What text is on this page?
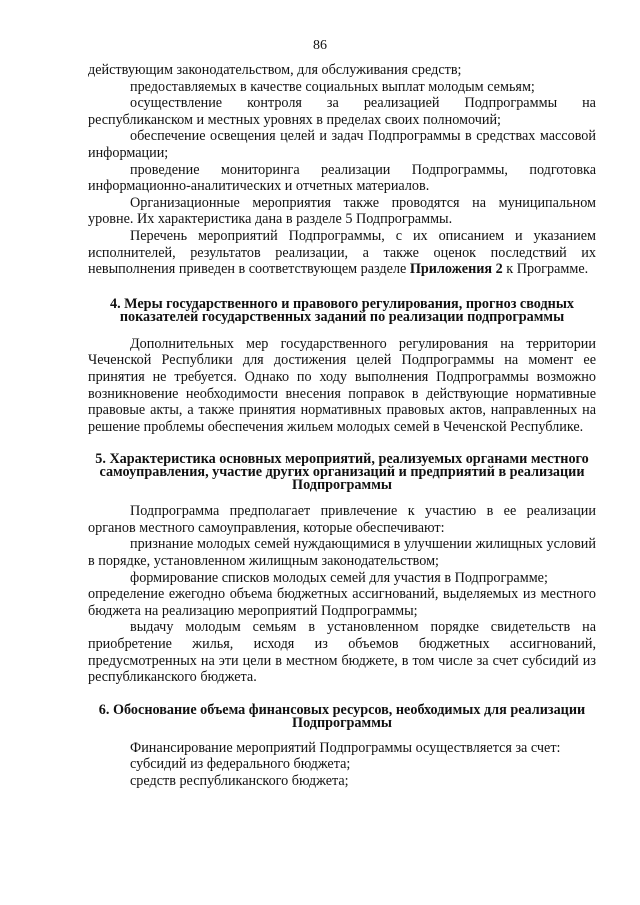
86

действующим законодательством, для обслуживания средств;

предоставляемых в качестве социальных выплат молодым семьям;

осуществление контроля за реализацией Подпрограммы на республиканском и местных уровнях в пределах своих полномочий;

обеспечение освещения целей и задач Подпрограммы в средствах массовой информации;

проведение мониторинга реализации Подпрограммы, подготовка информационно-аналитических и отчетных материалов.

Организационные мероприятия также проводятся на муниципальном уровне. Их характеристика дана в разделе 5 Подпрограммы.

Перечень мероприятий Подпрограммы, с их описанием и указанием исполнителей, результатов реализации, а также оценок последствий их невыполнения приведен в соответствующем разделе Приложения 2 к Программе.

4. Меры государственного и правового регулирования, прогноз сводных показателей государственных заданий по реализации подпрограммы

Дополнительных мер государственного регулирования на территории Чеченской Республики для достижения целей Подпрограммы на момент ее принятия не требуется. Однако по ходу выполнения Подпрограммы возможно возникновение необходимости внесения поправок в действующие нормативные правовые акты, а также принятия нормативных правовых актов, направленных на решение проблемы обеспечения жильем молодых семей в Чеченской Республике.

5. Характеристика основных мероприятий, реализуемых органами местного самоуправления, участие других организаций и предприятий в реализации Подпрограммы

Подпрограмма предполагает привлечение к участию в ее реализации органов местного самоуправления, которые обеспечивают:

признание молодых семей нуждающимися в улучшении жилищных условий в порядке, установленном жилищным законодательством;

формирование списков молодых семей для участия в Подпрограмме;

определение ежегодно объема бюджетных ассигнований, выделяемых из местного бюджета на реализацию мероприятий Подпрограммы;

выдачу молодым семьям в установленном порядке свидетельств на приобретение жилья, исходя из объемов бюджетных ассигнований, предусмотренных на эти цели в местном бюджете, в том числе за счет субсидий из республиканского бюджета.

6. Обоснование объема финансовых ресурсов, необходимых для реализации Подпрограммы

Финансирование мероприятий Подпрограммы осуществляется за счет:

субсидий из федерального бюджета;

средств республиканского бюджета;
